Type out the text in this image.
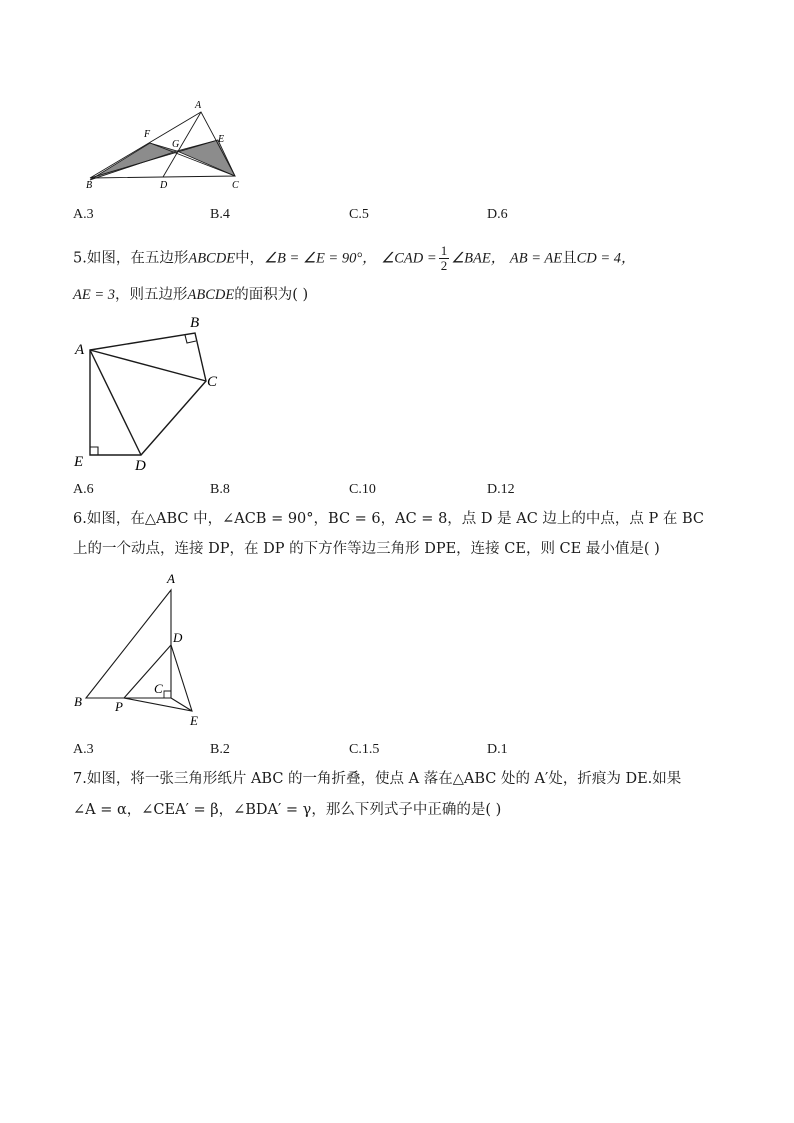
A
F
G	E
B	D	C
A.3	B.4	C.5	D.6
5.如图，在五边形ABCDE中，∠B = ∠E = 90°， ∠CAD = $\frac{1}{2}$ ∠BAE， AB = AE且CD = 4，
AE = 3，则五边形ABCDE的面积为( )
A
B
C
E	D
A.6	B.8	C.10	D.12
6.如图，在△ABC 中，∠ACB = 90°，BC = 6，AC = 8，点 D 是 AC 边上的中点，点 P 在 BC
上的一个动点，连接 DP，在 DP 的下方作等边三角形 DPE，连接 CE，则 CE 最小值是( )
A
D
C
B	P
E
A.3	B.2	C.1.5	D.1
7.如图，将一张三角形纸片 ABC 的一角折叠，使点 A 落在△ABC 处的 A′处，折痕为 DE.如果
∠A = α，∠CEA′ = β，∠BDA′ = γ，那么下列式子中正确的是( )
